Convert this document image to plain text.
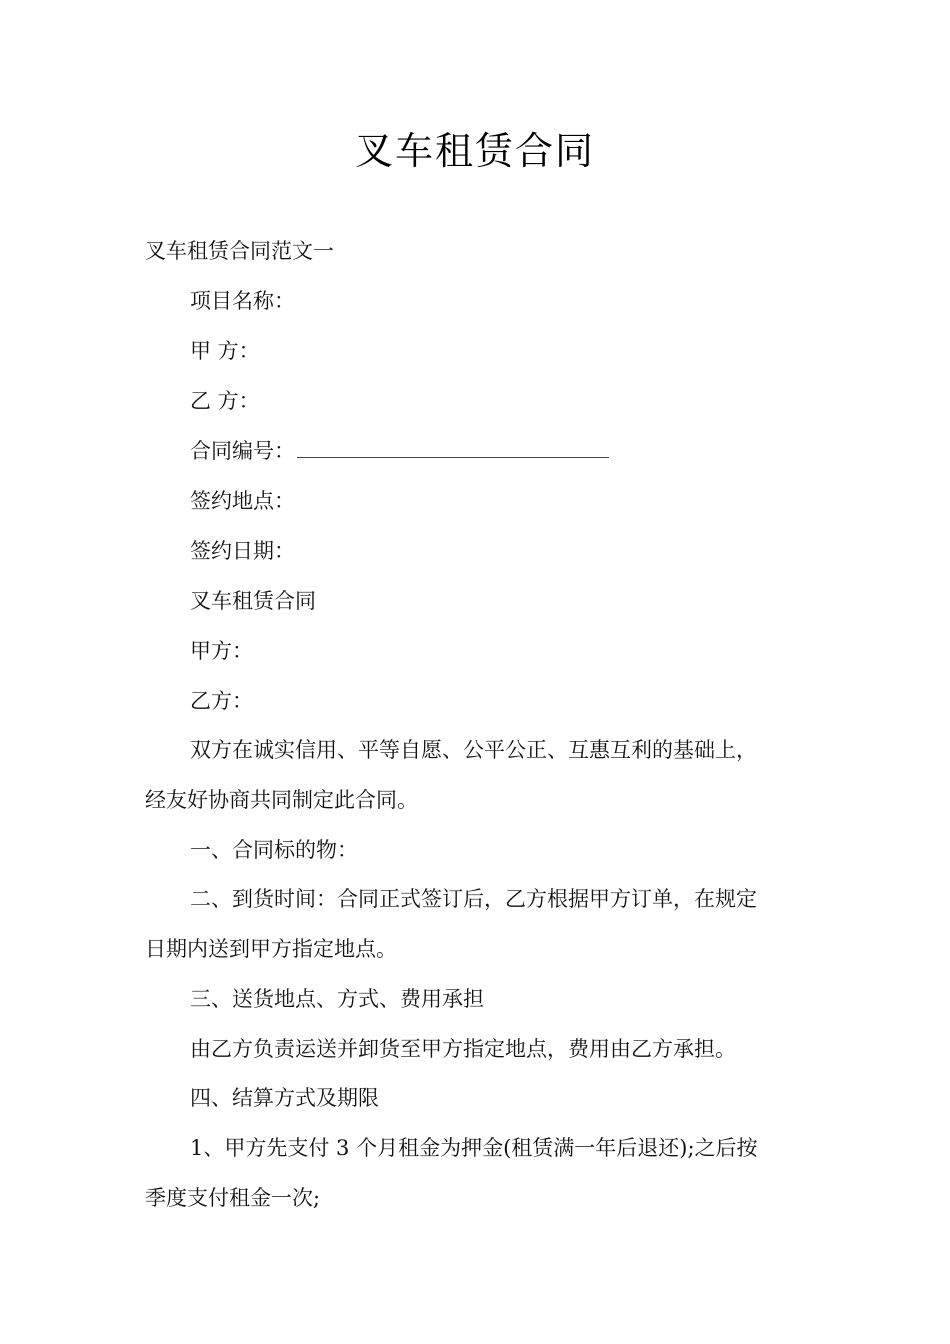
叉车租赁合同
叉车租赁合同范文一
项目名称：
甲 方：
乙 方：
合同编号：
签约地点：
签约日期：
叉车租赁合同
甲方：
乙方：
双方在诚实信用、平等自愿、公平公正、互惠互利的基础上，
经友好协商共同制定此合同。
一、合同标的物：
二、到货时间：合同正式签订后，乙方根据甲方订单，在规定
日期内送到甲方指定地点。
三、送货地点、方式、费用承担
由乙方负责运送并卸货至甲方指定地点，费用由乙方承担。
四、结算方式及期限
1、甲方先支付 3 个月租金为押金(租赁满一年后退还);之后按
季度支付租金一次;
